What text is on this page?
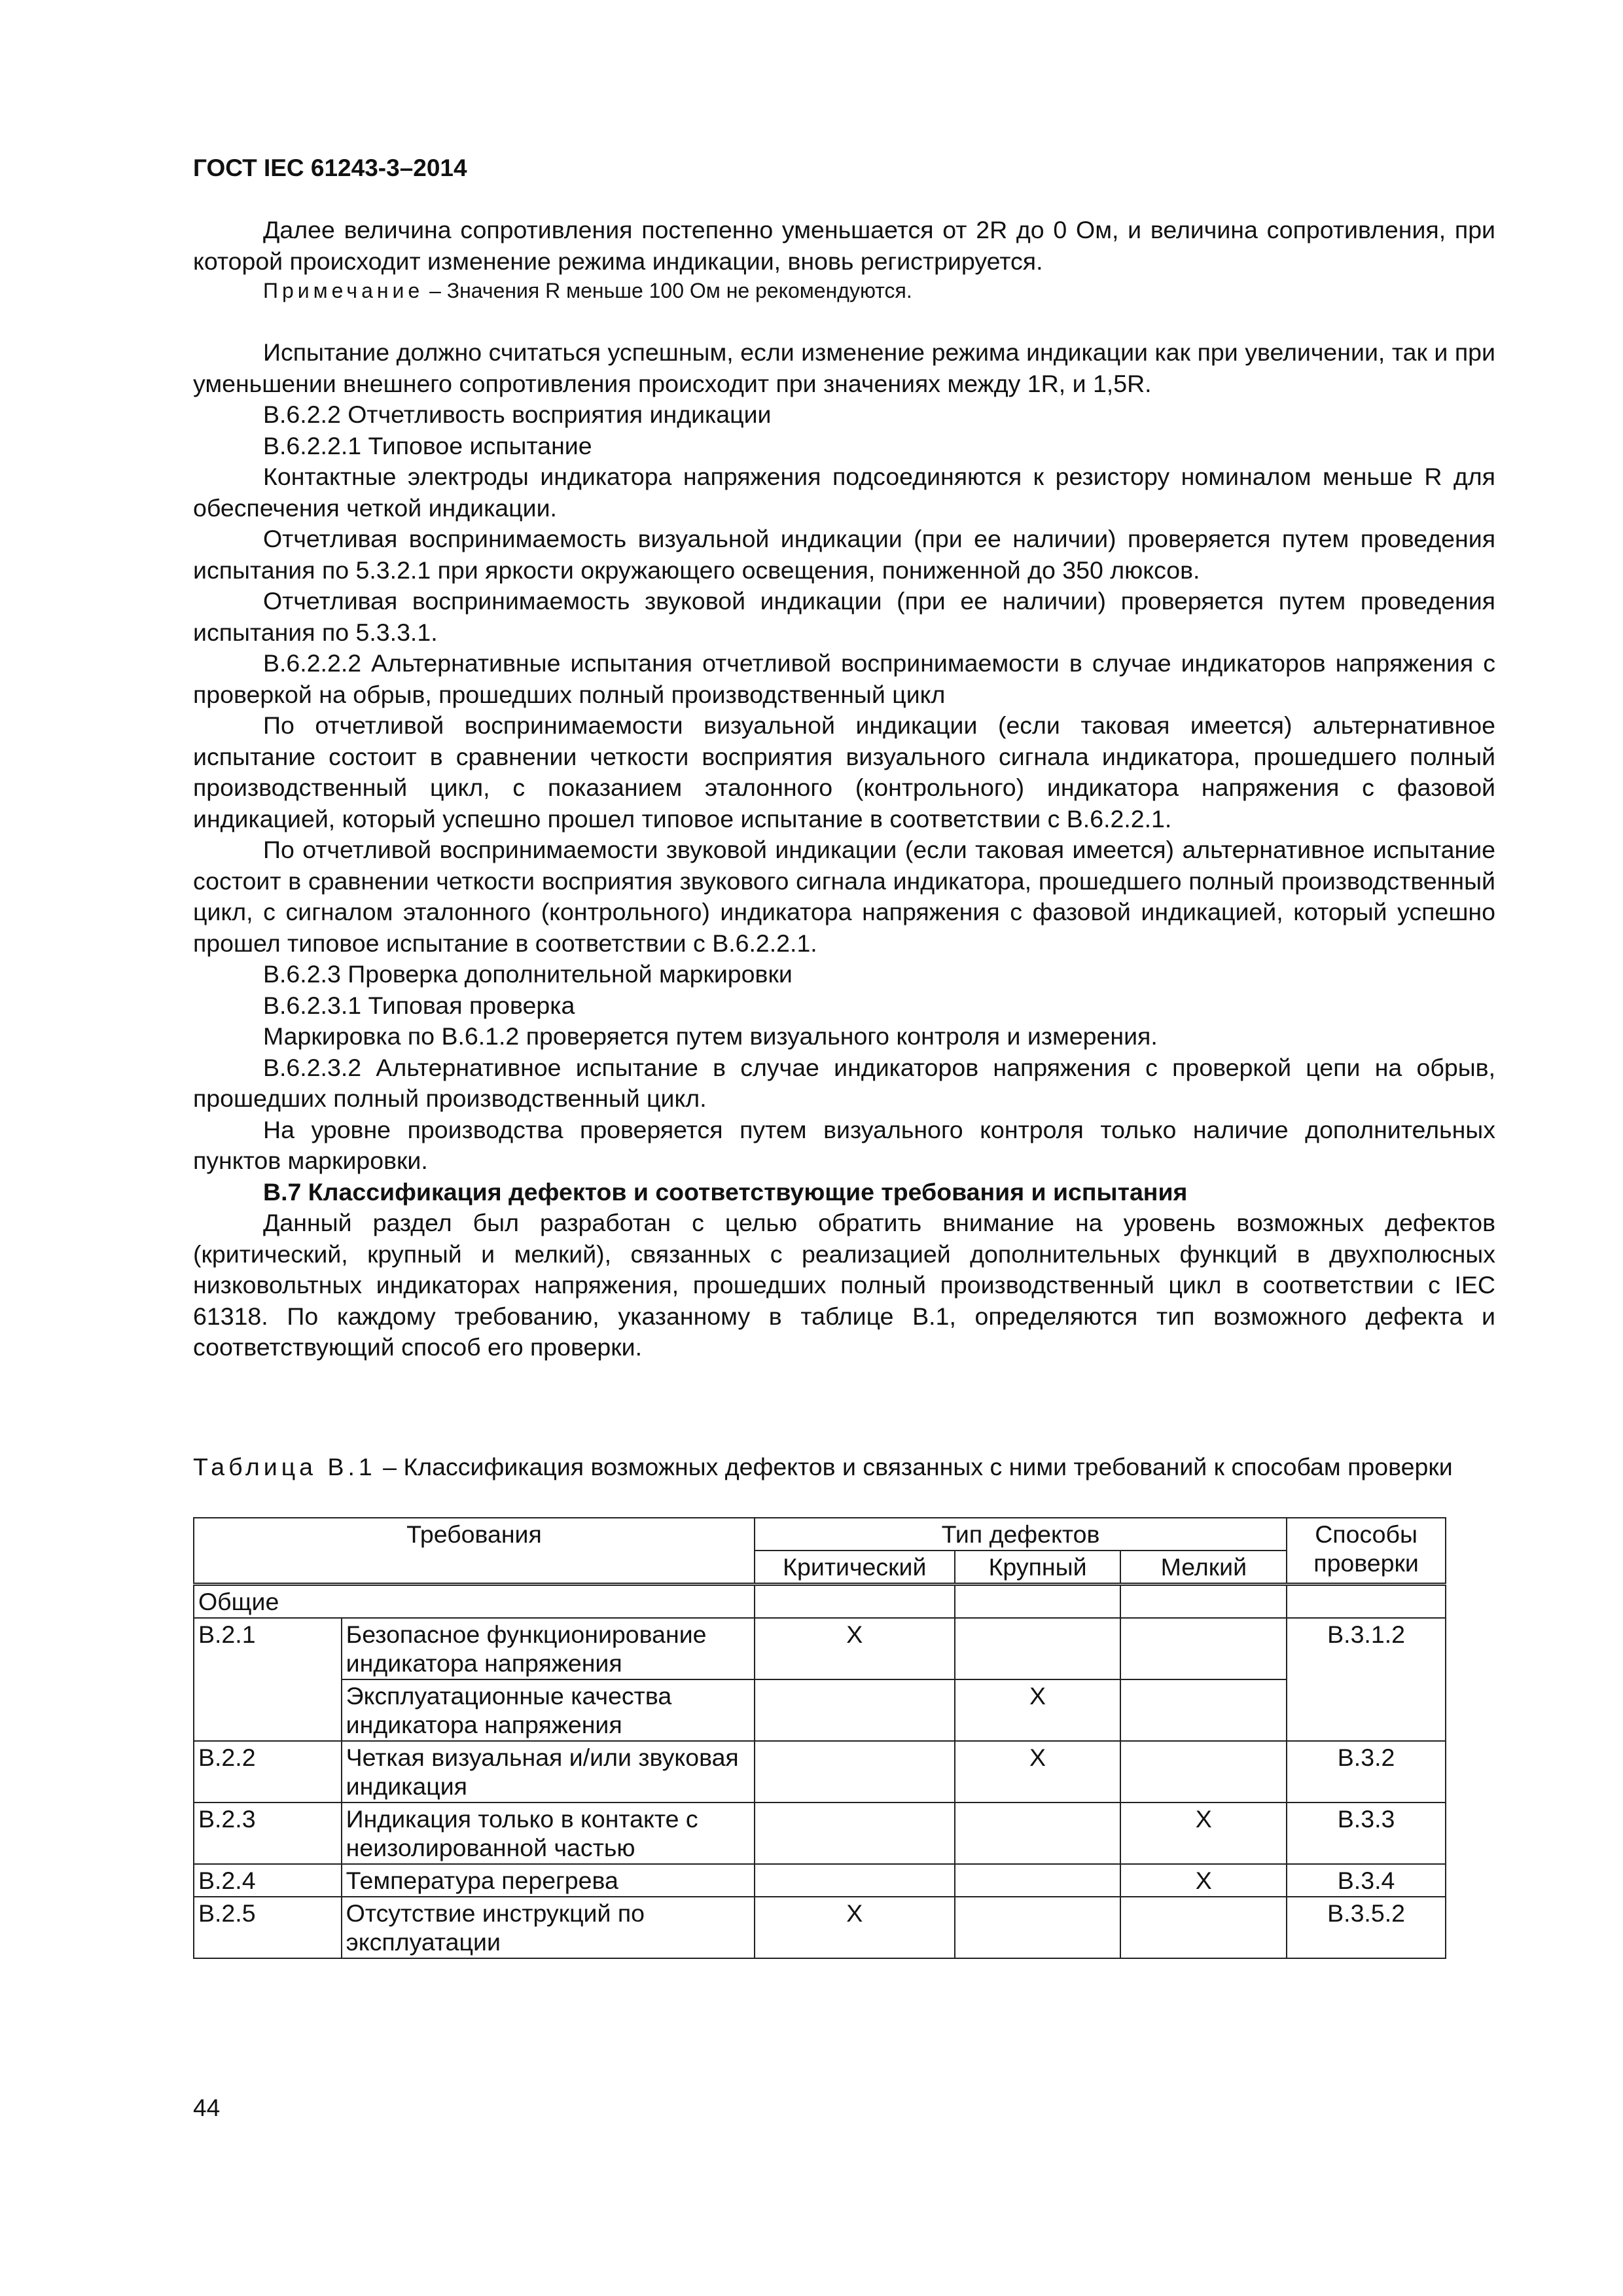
ГОСТ IEC 61243-3–2014

Далее величина сопротивления постепенно уменьшается от 2R до 0 Ом, и величина сопротивления, при которой происходит изменение режима индикации, вновь регистрируется.

Примечание – Значения R меньше 100 Ом не рекомендуются.

Испытание должно считаться успешным, если изменение режима индикации как при увеличении, так и при уменьшении внешнего сопротивления происходит при значениях между 1R, и 1,5R.

В.6.2.2 Отчетливость восприятия индикации

В.6.2.2.1 Типовое испытание

Контактные электроды индикатора напряжения подсоединяются к резистору номиналом меньше R для обеспечения четкой индикации.

Отчетливая воспринимаемость визуальной индикации (при ее наличии) проверяется путем проведения испытания по 5.3.2.1 при яркости окружающего освещения, пониженной до 350 люксов.

Отчетливая воспринимаемость звуковой индикации (при ее наличии) проверяется путем проведения испытания по 5.3.3.1.

В.6.2.2.2 Альтернативные испытания отчетливой воспринимаемости в случае индикаторов напряжения с проверкой на обрыв, прошедших полный производственный цикл

По отчетливой воспринимаемости визуальной индикации (если таковая имеется) альтернативное испытание состоит в сравнении четкости восприятия визуального сигнала индикатора, прошедшего полный производственный цикл, с показанием эталонного (контрольного) индикатора напряжения с фазовой индикацией, который успешно прошел типовое испытание в соответствии с В.6.2.2.1.

По отчетливой воспринимаемости звуковой индикации (если таковая имеется) альтернативное испытание состоит в сравнении четкости восприятия звукового сигнала индикатора, прошедшего полный производственный цикл, с сигналом эталонного (контрольного) индикатора напряжения с фазовой индикацией, который успешно прошел типовое испытание в соответствии с В.6.2.2.1.

В.6.2.3 Проверка дополнительной маркировки

В.6.2.3.1 Типовая проверка

Маркировка по В.6.1.2 проверяется путем визуального контроля и измерения.

В.6.2.3.2 Альтернативное испытание в случае индикаторов напряжения с проверкой цепи на обрыв, прошедших полный производственный цикл.

На уровне производства проверяется путем визуального контроля только наличие дополнительных пунктов маркировки.

В.7 Классификация дефектов и соответствующие требования и испытания

Данный раздел был разработан с целью обратить внимание на уровень возможных дефектов (критический, крупный и мелкий), связанных с реализацией дополнительных функций в двухполюсных низковольтных индикаторах напряжения, прошедших полный производственный цикл в соответствии с IEC 61318. По каждому требованию, указанному в таблице В.1, определяются тип возможного дефекта и соответствующий способ его проверки.

Таблица В.1 – Классификация возможных дефектов и связанных с ними требований к способам проверки
Требования		Тип дефектов			Способы проверки
		Критический	Крупный	Мелкий	
Общие					
В.2.1	Безопасное функционирование индикатора напряжения	Х			В.3.1.2
	Эксплуатационные качества индикатора напряжения		Х		
В.2.2	Четкая визуальная и/или звуковая индикация		Х		В.3.2
В.2.3	Индикация только в контакте с неизолированной частью			Х	В.3.3
В.2.4	Температура перегрева			Х	В.3.4
В.2.5	Отсутствие инструкций по эксплуатации	Х			В.3.5.2
44
